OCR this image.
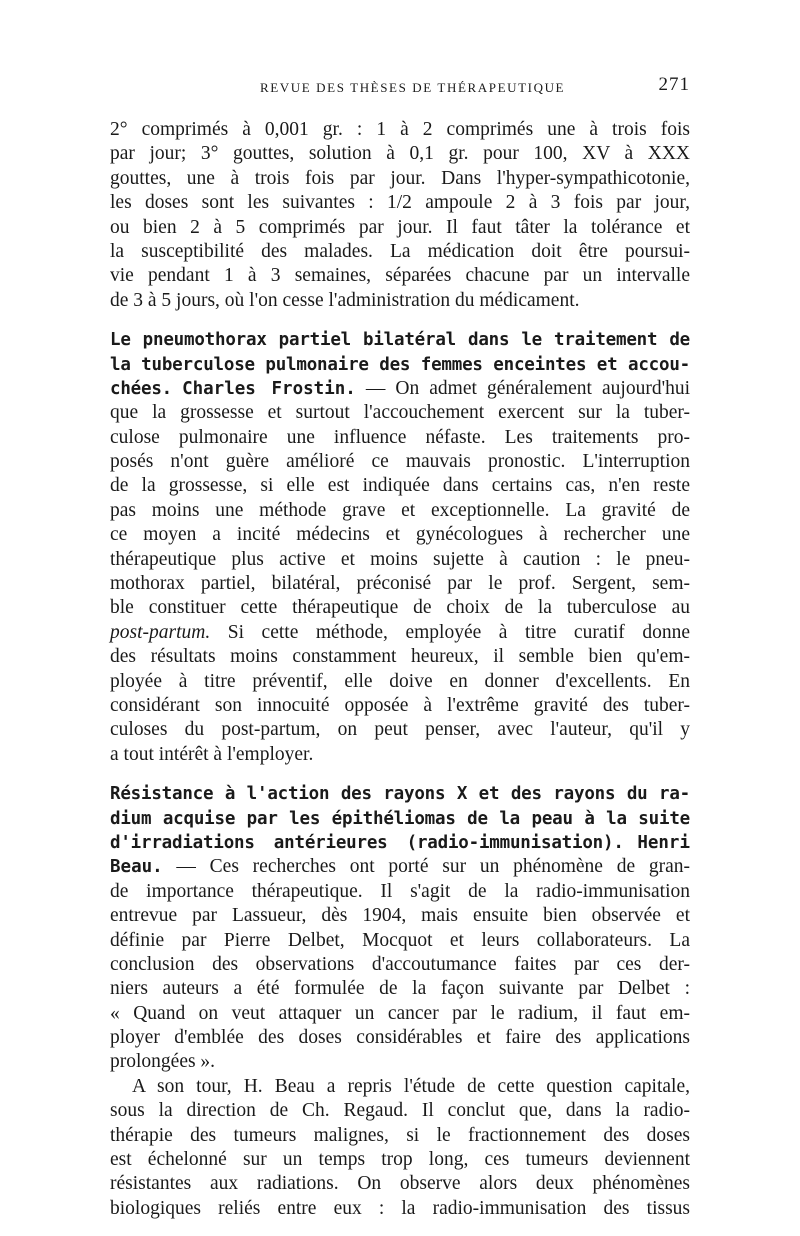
REVUE DES THÈSES DE THÉRAPEUTIQUE	271
2° comprimés à 0,001 gr. : 1 à 2 comprimés une à trois fois
par jour; 3° gouttes, solution à 0,1 gr. pour 100, XV à XXX
gouttes, une à trois fois par jour. Dans l'hyper-sympathicotonie,
les doses sont les suivantes : 1/2 ampoule 2 à 3 fois par jour,
ou bien 2 à 5 comprimés par jour. Il faut tâter la tolérance et
la susceptibilité des malades. La médication doit être poursui-
vie pendant 1 à 3 semaines, séparées chacune par un intervalle
de 3 à 5 jours, où l'on cesse l'administration du médicament.
Le pneumothorax partiel bilatéral dans le traitement de
la tuberculose pulmonaire des femmes enceintes et accou-
chées. Charles Frostin. — On admet généralement aujourd'hui
que la grossesse et surtout l'accouchement exercent sur la tuber-
culose pulmonaire une influence néfaste. Les traitements pro-
posés n'ont guère amélioré ce mauvais pronostic. L'interruption
de la grossesse, si elle est indiquée dans certains cas, n'en reste
pas moins une méthode grave et exceptionnelle. La gravité de
ce moyen a incité médecins et gynécologues à rechercher une
thérapeutique plus active et moins sujette à caution : le pneu-
mothorax partiel, bilatéral, préconisé par le prof. Sergent, sem-
ble constituer cette thérapeutique de choix de la tuberculose au
post-partum. Si cette méthode, employée à titre curatif donne
des résultats moins constamment heureux, il semble bien qu'em-
ployée à titre préventif, elle doive en donner d'excellents. En
considérant son innocuité opposée à l'extrême gravité des tuber-
culoses du post-partum, on peut penser, avec l'auteur, qu'il y
a tout intérêt à l'employer.
Résistance à l'action des rayons X et des rayons du ra-
dium acquise par les épithéliomas de la peau à la suite
d'irradiations antérieures (radio-immunisation). Henri
Beau. — Ces recherches ont porté sur un phénomène de gran-
de importance thérapeutique. Il s'agit de la radio-immunisation
entrevue par Lassueur, dès 1904, mais ensuite bien observée et
définie par Pierre Delbet, Mocquot et leurs collaborateurs. La
conclusion des observations d'accoutumance faites par ces der-
niers auteurs a été formulée de la façon suivante par Delbet :
« Quand on veut attaquer un cancer par le radium, il faut em-
ployer d'emblée des doses considérables et faire des applications
prolongées ».
A son tour, H. Beau a repris l'étude de cette question capitale,
sous la direction de Ch. Regaud. Il conclut que, dans la radio-
thérapie des tumeurs malignes, si le fractionnement des doses
est échelonné sur un temps trop long, ces tumeurs deviennent
résistantes aux radiations. On observe alors deux phénomènes
biologiques reliés entre eux : la radio-immunisation des tissus
